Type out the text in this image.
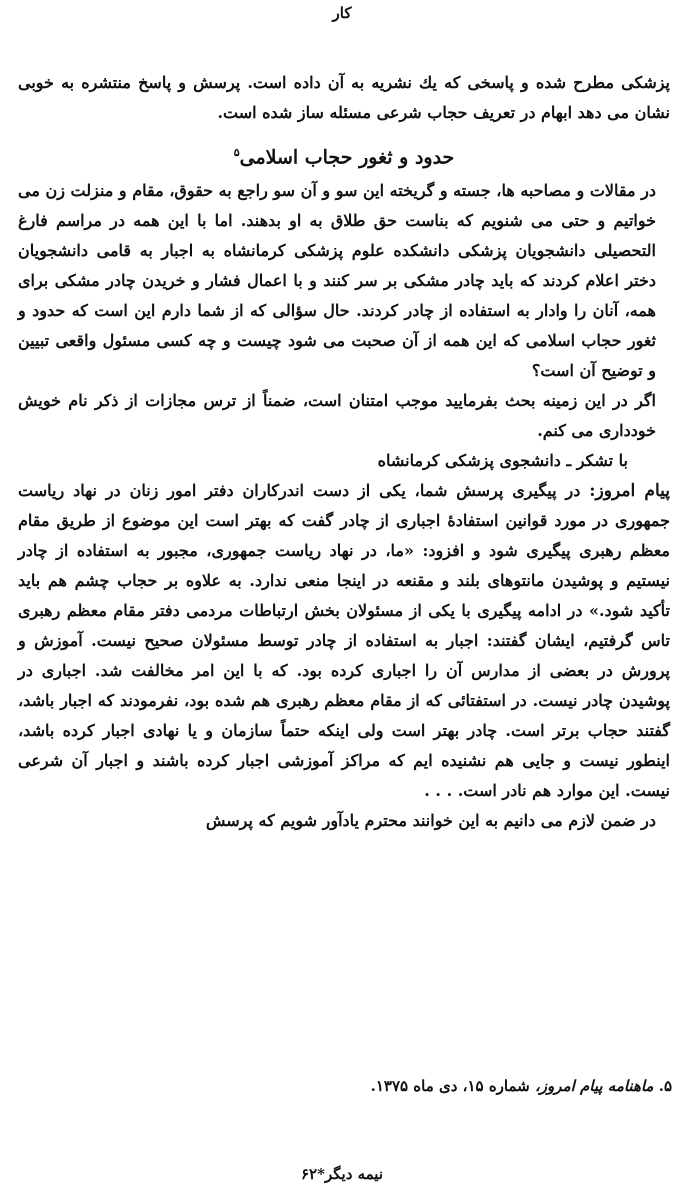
کار

پزشکی مطرح شده و پاسخی که یك نشریه به آن داده است. پرسش و پاسخ منتشره به خوبی نشان می دهد ابهام در تعریف حجاب شرعی مسئله ساز شده است.

حدود و ثغور حجاب اسلامی$^۵$

در مقالات و مصاحبه ها، جسته و گریخته این سو و آن سو راجع به حقوق، مقام و منزلت زن می خواتیم و حتی می شنویم که بناست حق طلاق به او بدهند. اما با این همه در مراسم فارغ التحصیلی دانشجویان پزشکی دانشکده علوم پزشکی کرمانشاه به اجبار به قامی دانشجویان دختر اعلام کردند که باید چادر مشکی بر سر کنند و با اعمال فشار و خریدن چادر مشکی برای همه، آنان را وادار به استفاده از چادر کردند. حال سؤالی که از شما دارم این است که حدود و ثغور حجاب اسلامی که این همه از آن صحبت می شود چیست و چه کسی مسئول واقعی تبیین و توضیح آن است؟

اگر در این زمینه بحث بفرمایید موجب امتنان است، ضمناً از ترس مجازات از ذکر نام خویش خودداری می کنم.

با تشکر ـ دانشجوی پزشکی کرمانشاه

پیام امروز: در پیگیری پرسش شما، یکی از دست اندرکاران دفتر امور زنان در نهاد ریاست جمهوری در مورد قوانین استفادهٔ اجباری از چادر گفت که بهتر است این موضوع از طریق مقام معظم رهبری پیگیری شود و افزود: «ما، در نهاد ریاست جمهوری، مجبور به استفاده از چادر نیستیم و پوشیدن مانتوهای بلند و مقنعه در اینجا منعی ندارد. به علاوه بر حجاب چشم هم باید تأکید شود.» در ادامه پیگیری با یکی از مسئولان بخش ارتباطات مردمی دفتر مقام معظم رهبری تاس گرفتیم، ایشان گفتند: اجبار به استفاده از چادر توسط مسئولان صحیح نیست. آموزش و پرورش در بعضی از مدارس آن را اجباری کرده بود. که با این امر مخالفت شد. اجباری در پوشیدن چادر نیست. در استفتائی که از مقام معظم رهبری هم شده بود، نفرمودند که اجبار باشد، گفتند حجاب برتر است. چادر بهتر است ولی اینکه حتماً سازمان و یا نهادی اجبار کرده باشد، اینطور نیست و جایی هم نشنیده ایم که مراکز آموزشی اجبار کرده باشند و اجبار آن شرعی نیست. این موارد هم نادر است. . . .

در ضمن لازم می دانیم به این خوانند محترم یادآور شویم که پرسش

۵. ماهنامه پیام امروز، شماره ۱۵، دی ماه ۱۳۷۵.
نیمه دیگر*۶۲
